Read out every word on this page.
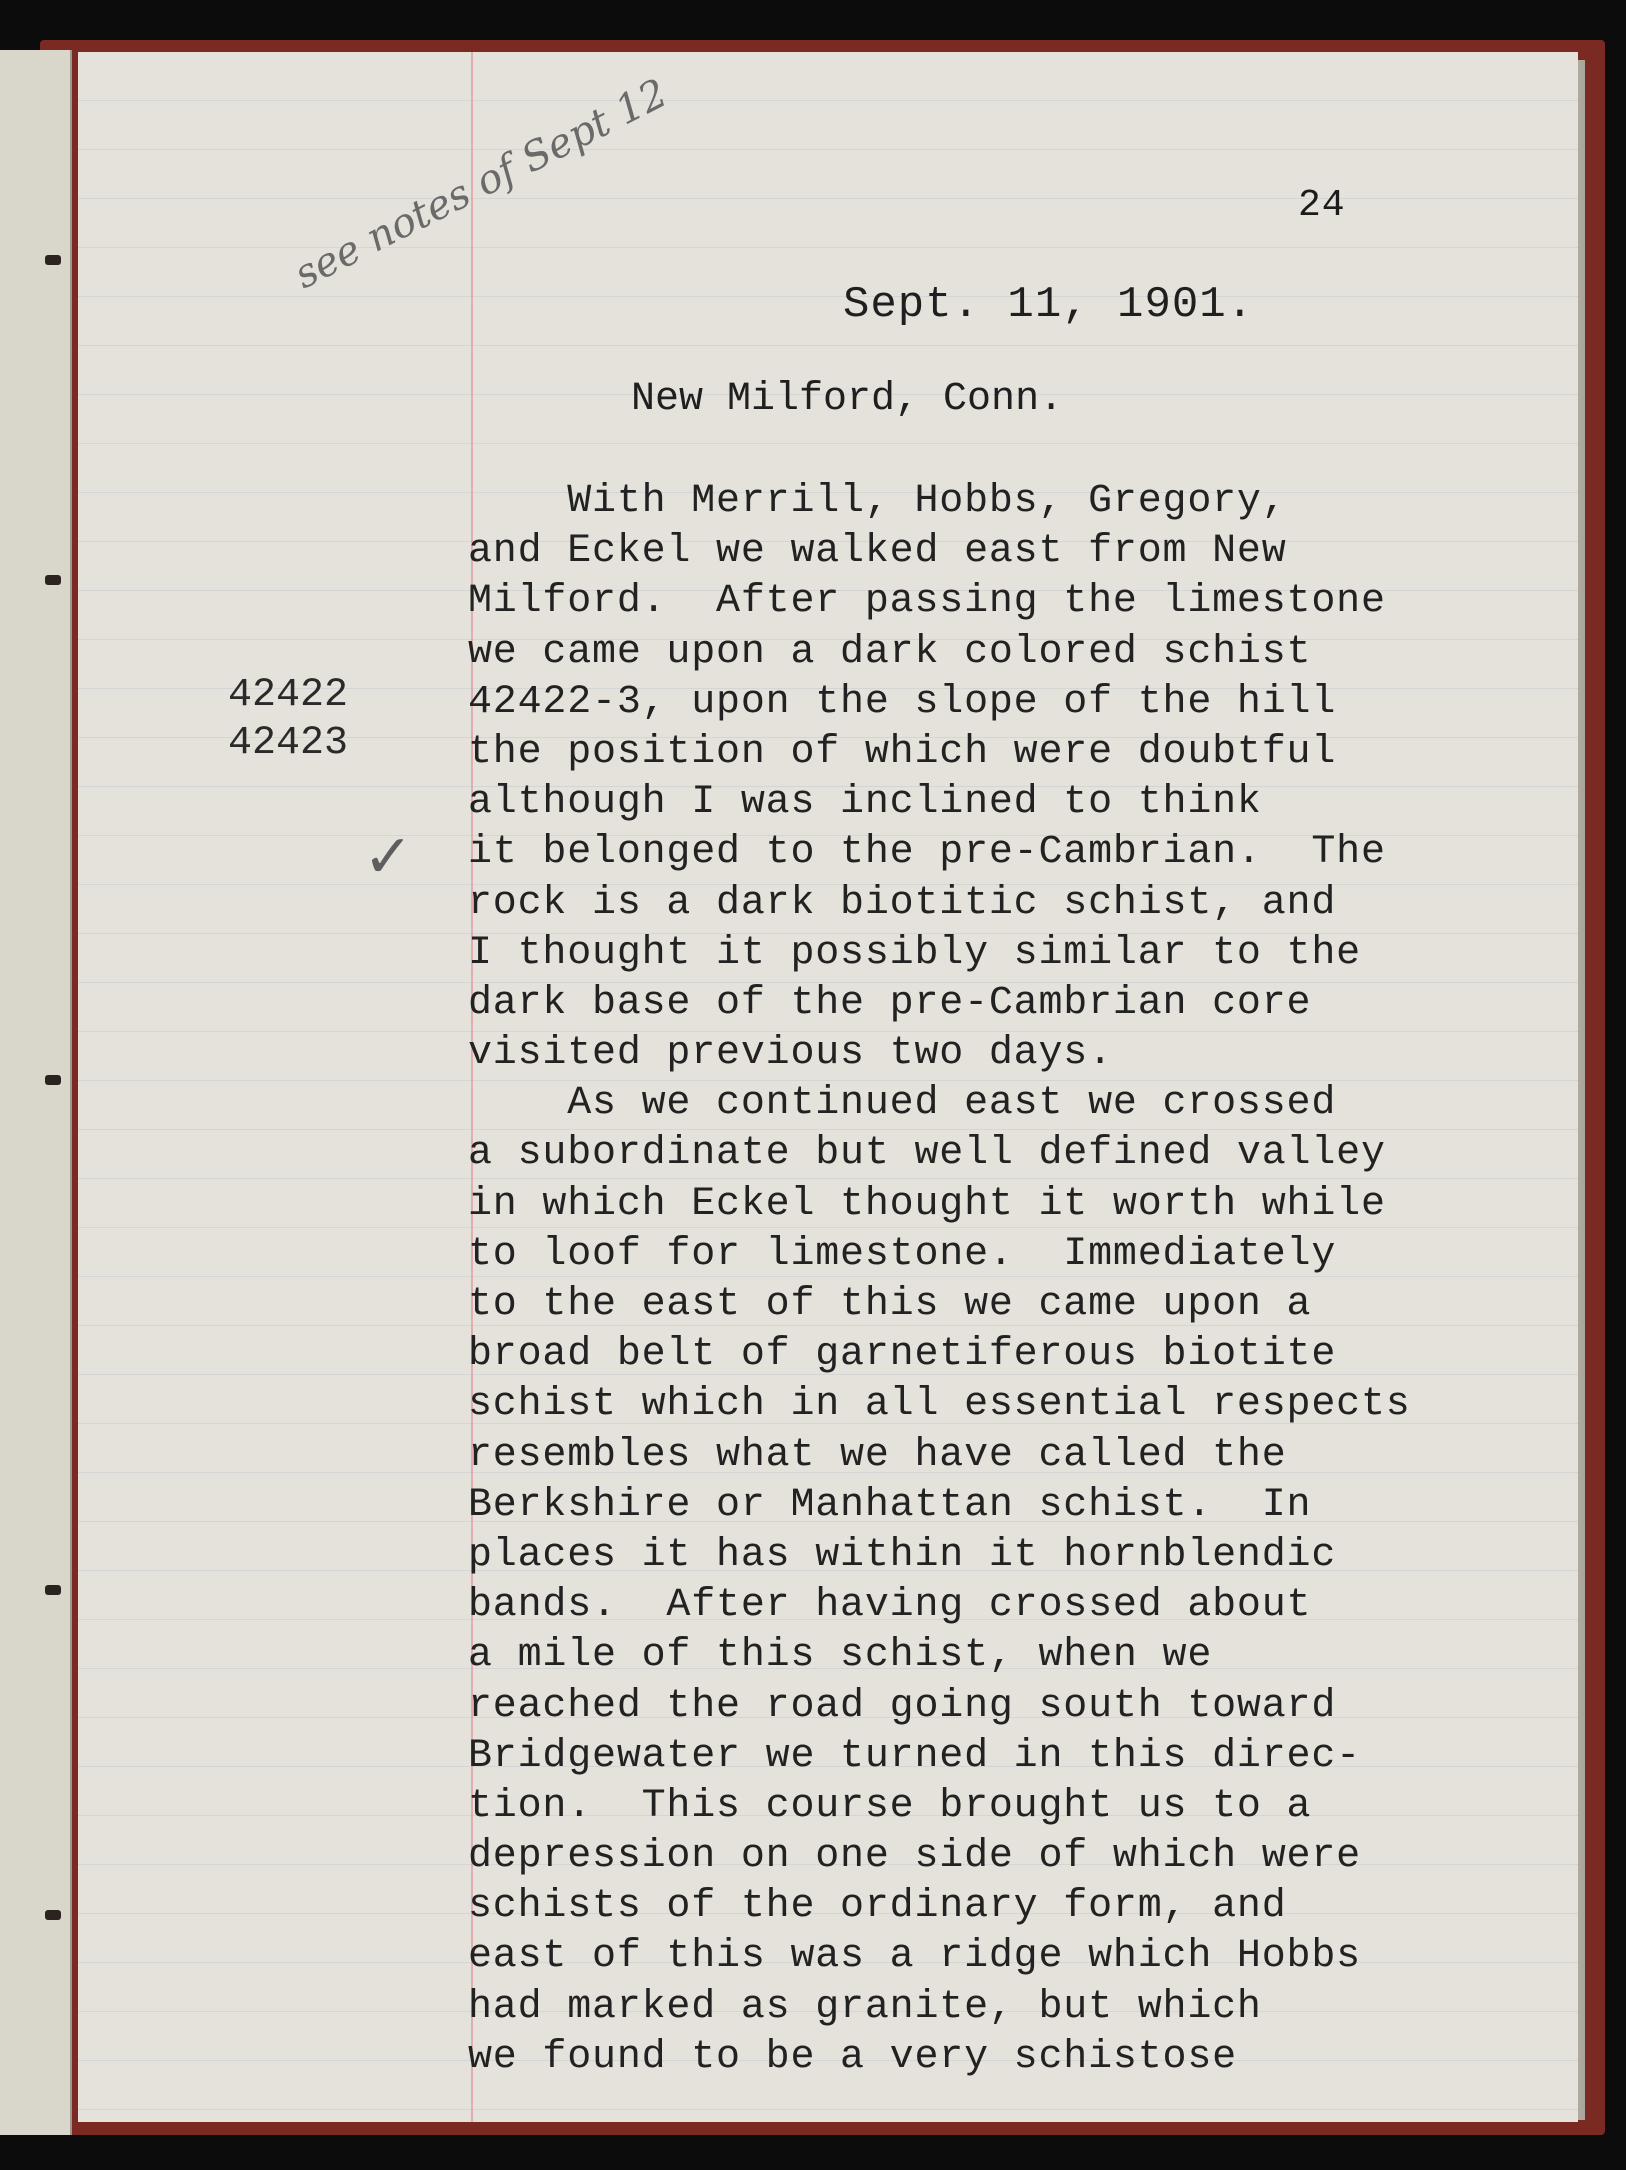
24
see notes of Sept 12
Sept. 11, 1901.
New Milford, Conn.
42422
42423
✓
With Merrill, Hobbs, Gregory,
and Eckel we walked east from New
Milford.  After passing the limestone
we came upon a dark colored schist
42422-3, upon the slope of the hill
the position of which were doubtful
although I was inclined to think
it belonged to the pre-Cambrian.  The
rock is a dark biotitic schist, and
I thought it possibly similar to the
dark base of the pre-Cambrian core
visited previous two days.
As we continued east we crossed
a subordinate but well defined valley
in which Eckel thought it worth while
to loof for limestone.  Immediately
to the east of this we came upon a
broad belt of garnetiferous biotite
schist which in all essential respects
resembles what we have called the
Berkshire or Manhattan schist.  In
places it has within it hornblendic
bands.  After having crossed about
a mile of this schist, when we
reached the road going south toward
Bridgewater we turned in this direc-
tion.  This course brought us to a
depression on one side of which were
schists of the ordinary form, and
east of this was a ridge which Hobbs
had marked as granite, but which
we found to be a very schistose
